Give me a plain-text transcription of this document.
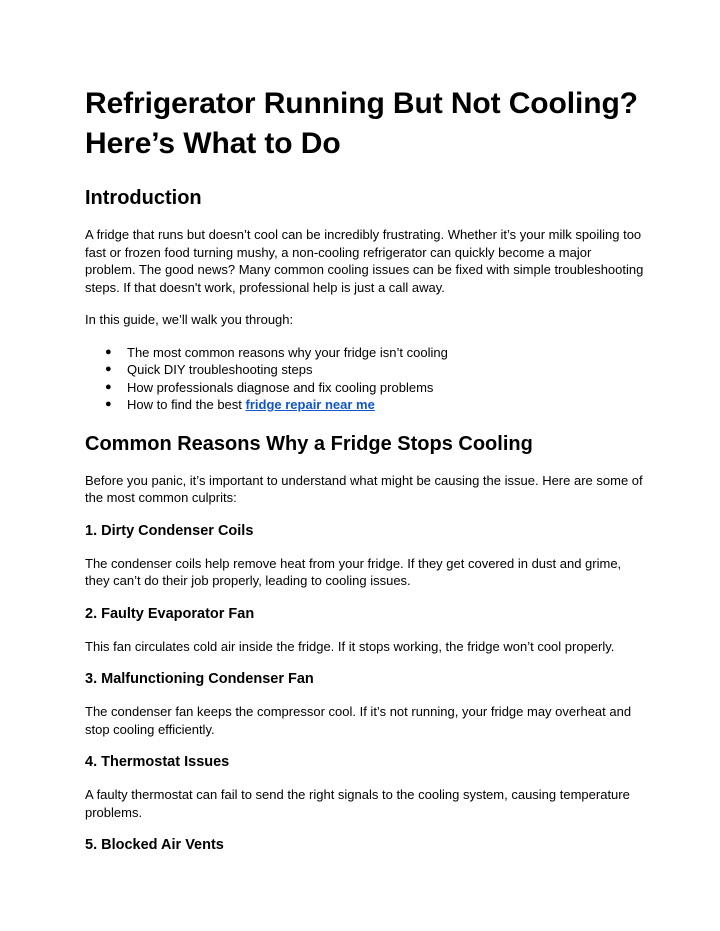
Refrigerator Running But Not Cooling? Here’s What to Do
Introduction

A fridge that runs but doesn’t cool can be incredibly frustrating. Whether it’s your milk spoiling too fast or frozen food turning mushy, a non-cooling refrigerator can quickly become a major problem. The good news? Many common cooling issues can be fixed with simple troubleshooting steps. If that doesn't work, professional help is just a call away.

In this guide, we’ll walk you through:

● The most common reasons why your fridge isn’t cooling
● Quick DIY troubleshooting steps
● How professionals diagnose and fix cooling problems
● How to find the best fridge repair near me
Common Reasons Why a Fridge Stops Cooling

Before you panic, it’s important to understand what might be causing the issue. Here are some of the most common culprits:

1. Dirty Condenser Coils

The condenser coils help remove heat from your fridge. If they get covered in dust and grime, they can’t do their job properly, leading to cooling issues.

2. Faulty Evaporator Fan

This fan circulates cold air inside the fridge. If it stops working, the fridge won’t cool properly.

3. Malfunctioning Condenser Fan

The condenser fan keeps the compressor cool. If it’s not running, your fridge may overheat and stop cooling efficiently.

4. Thermostat Issues

A faulty thermostat can fail to send the right signals to the cooling system, causing temperature problems.

5. Blocked Air Vents
